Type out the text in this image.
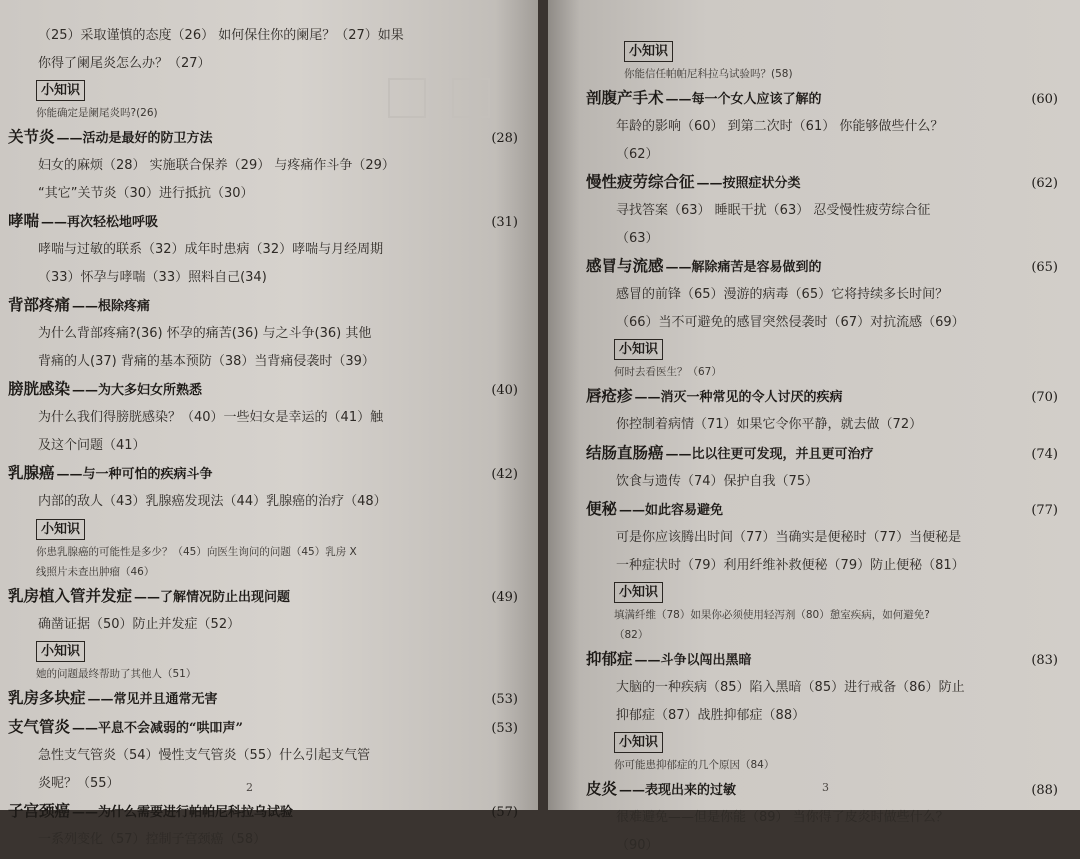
（25）采取谨慎的态度（26） 如何保住你的阑尾？（27）如果
你得了阑尾炎怎么办？（27）
小知识
你能确定是阑尾炎吗?(26)
关节炎 ——活动是最好的防卫方法	(28)
妇女的麻烦（28） 实施联合保养（29） 与疼痛作斗争（29）
“其它”关节炎（30）进行抵抗（30）
哮喘 ——再次轻松地呼吸	(31)
哮喘与过敏的联系（32）成年时患病（32）哮喘与月经周期
（33）怀孕与哮喘（33）照料自己(34)
背部疼痛 ——根除疼痛
为什么背部疼痛?(36) 怀孕的痛苦(36) 与之斗争(36) 其他
背痛的人(37) 背痛的基本预防（38）当背痛侵袭时（39）
膀胱感染 ——为大多妇女所熟悉	(40)
为什么我们得膀胱感染？（40）一些妇女是幸运的（41）触
及这个问题（41）
乳腺癌 ——与一种可怕的疾病斗争	(42)
内部的敌人（43）乳腺癌发现法（44）乳腺癌的治疗（48）
小知识
你患乳腺癌的可能性是多少？（45）向医生询问的问题（45）乳房 X
线照片未查出肿瘤（46）
乳房植入管并发症 ——了解情况防止出现问题	(49)
确凿证据（50）防止并发症（52）
小知识
她的问题最终帮助了其他人（51）
乳房多块症 ——常见并且通常无害	(53)
支气管炎 ——平息不会减弱的“哄吅声”	(53)
急性支气管炎（54）慢性支气管炎（55）什么引起支气管
炎呢？（55）
子宫颈癌 ——为什么需要进行帕帕尼科拉乌试验	(57)
一系列变化（57）控制子宫颈癌（58）
2
小知识
你能信任帕帕尼科拉乌试验吗？(58)
剖腹产手术 ——每一个女人应该了解的	(60)
年龄的影响（60） 到第二次时（61） 你能够做些什么？
（62）
慢性疲劳综合征 ——按照症状分类	(62)
寻找答案（63） 睡眠干扰（63） 忍受慢性疲劳综合征
（63）
感冒与流感 ——解除痛苦是容易做到的	(65)
感冒的前锋（65）漫游的病毒（65）它将持续多长时间？
（66）当不可避免的感冒突然侵袭时（67）对抗流感（69）
小知识
何时去看医生？（67）
唇疮疹 ——消灭一种常见的令人讨厌的疾病	(70)
你控制着病情（71）如果它令你平静，就去做（72）
结肠直肠癌 ——比以往更可发现，并且更可治疗	(74)
饮食与遗传（74）保护自我（75）
便秘 ——如此容易避免	(77)
可是你应该腾出时间（77）当确实是便秘时（77）当便秘是
一种症状时（79）利用纤维补救便秘（79）防止便秘（81）
小知识
填满纤维（78）如果你必须使用轻泻剂（80）憩室疾病，如何避免?
（82）
抑郁症 ——斗争以闯出黑暗	(83)
大脑的一种疾病（85）陷入黑暗（85）进行戒备（86）防止
抑郁症（87）战胜抑郁症（88）
小知识
你可能患抑郁症的几个原因（84）
皮炎 ——表现出来的过敏	(88)
很难避免——但是你能（89） 当你得了皮炎时做些什么？
（90）
3
